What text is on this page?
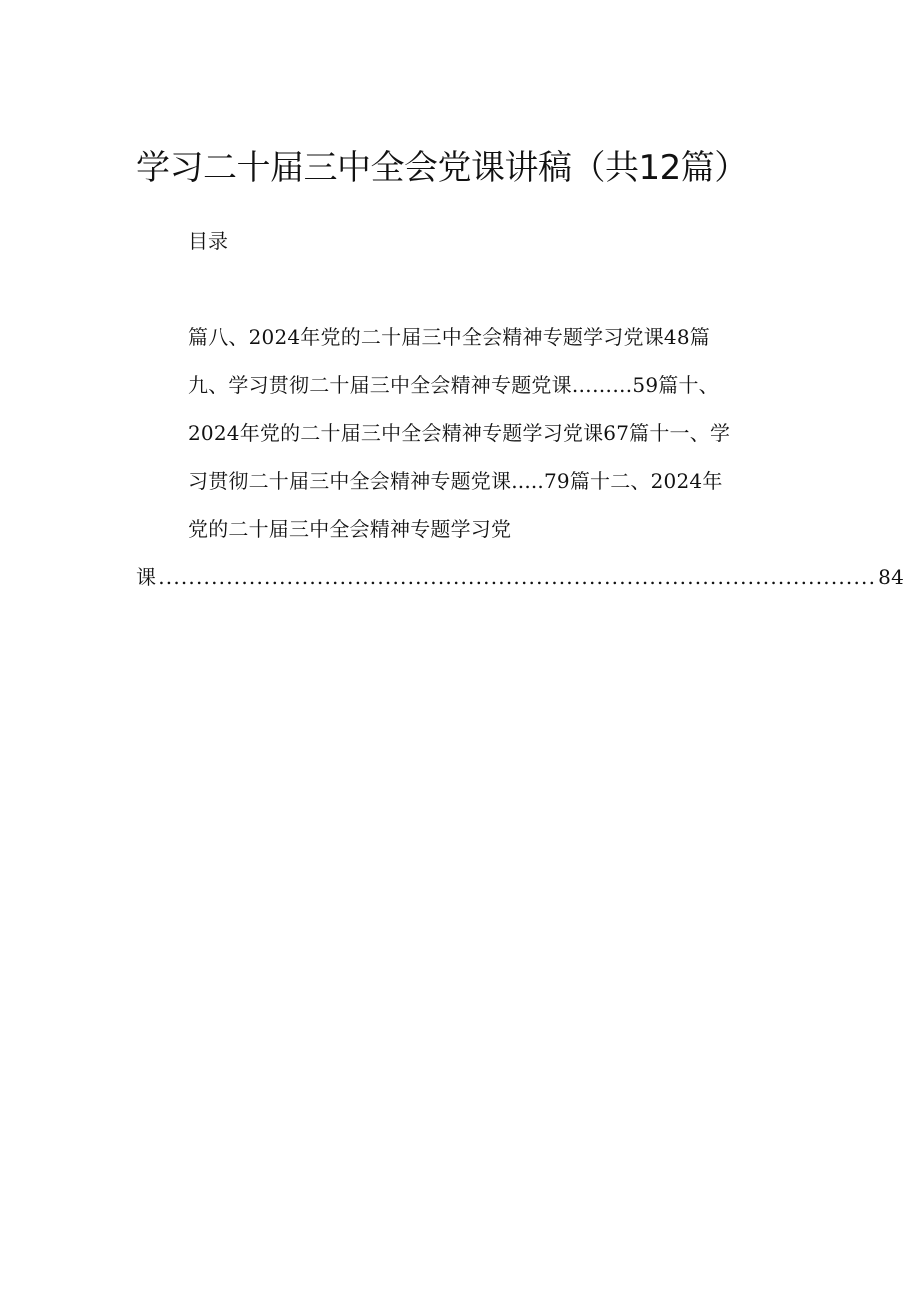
学习二十届三中全会党课讲稿（共12篇）
目录
篇八、2024年党的二十届三中全会精神专题学习党课48篇
九、学习贯彻二十届三中全会精神专题党课………59篇十、
2024年党的二十届三中全会精神专题学习党课67篇十一、学
习贯彻二十届三中全会精神专题党课.....79篇十二、2024年
党的二十届三中全会精神专题学习党
课 ............................................................................................... 84
